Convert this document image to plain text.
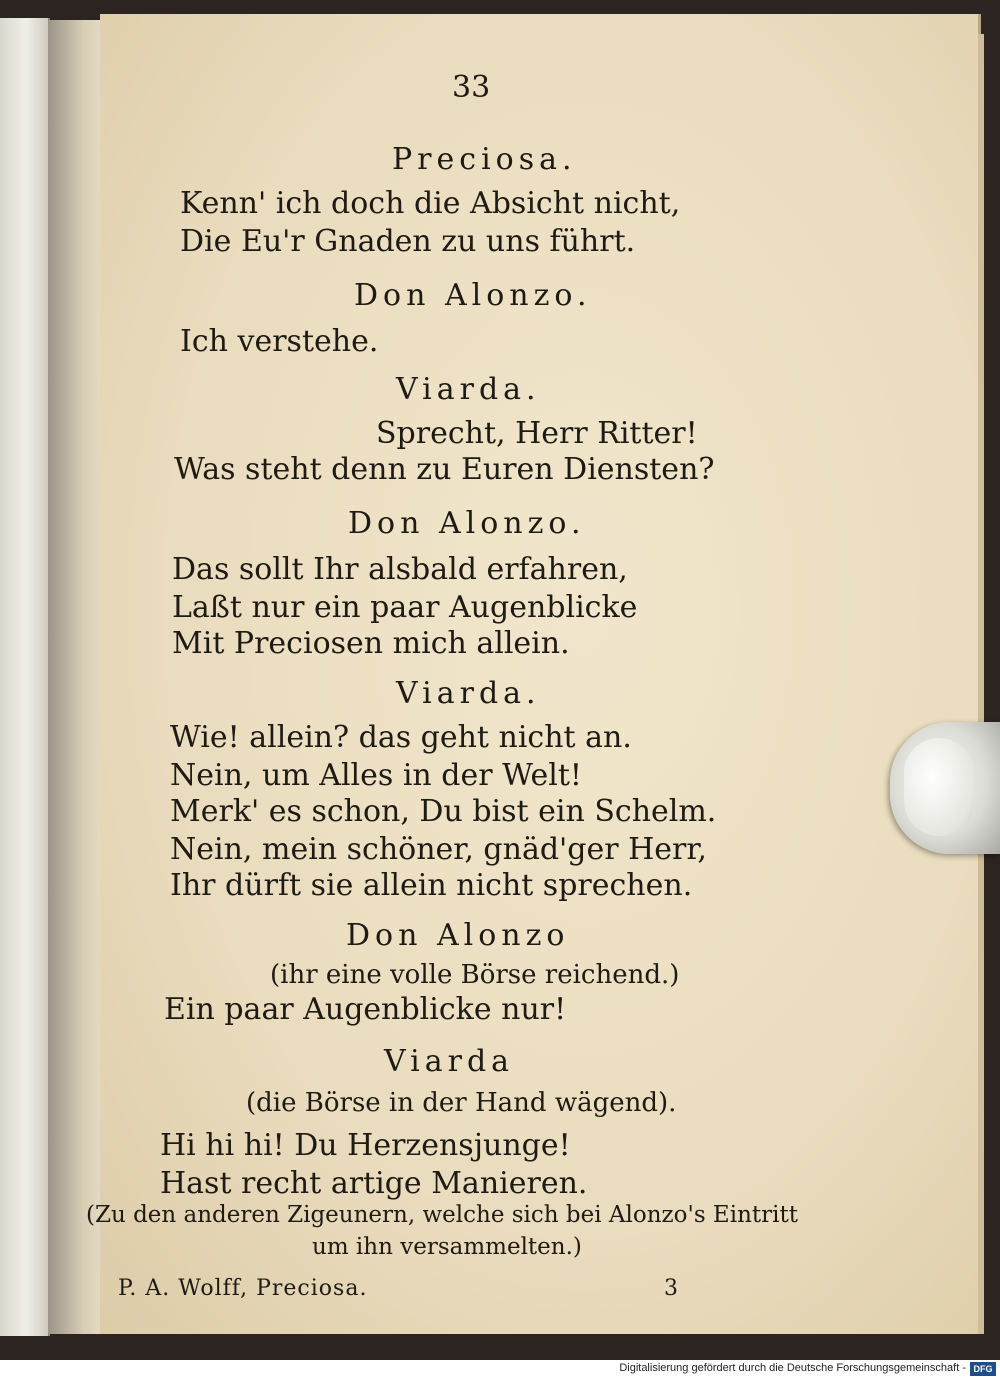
33
Preciosa.
Kenn' ich doch die Absicht nicht,
Die Eu'r Gnaden zu uns führt.
Don Alonzo.
Ich verstehe.
Viarda.
Sprecht, Herr Ritter!
Was steht denn zu Euren Diensten?
Don Alonzo.
Das sollt Ihr alsbald erfahren,
Laßt nur ein paar Augenblicke
Mit Preciosen mich allein.
Viarda.
Wie! allein? das geht nicht an.
Nein, um Alles in der Welt!
Merk' es schon, Du bist ein Schelm.
Nein, mein schöner, gnäd'ger Herr,
Ihr dürft sie allein nicht sprechen.
Don Alonzo
(ihr eine volle Börse reichend.)
Ein paar Augenblicke nur!
Viarda
(die Börse in der Hand wägend).
Hi hi hi! Du Herzensjunge!
Hast recht artige Manieren.
(Zu den anderen Zigeunern, welche sich bei Alonzo's Eintritt
um ihn versammelten.)
P. A. Wolff, Preciosa.	3
Digitalisierung gefördert durch die Deutsche Forschungsgemeinschaft - DFG
